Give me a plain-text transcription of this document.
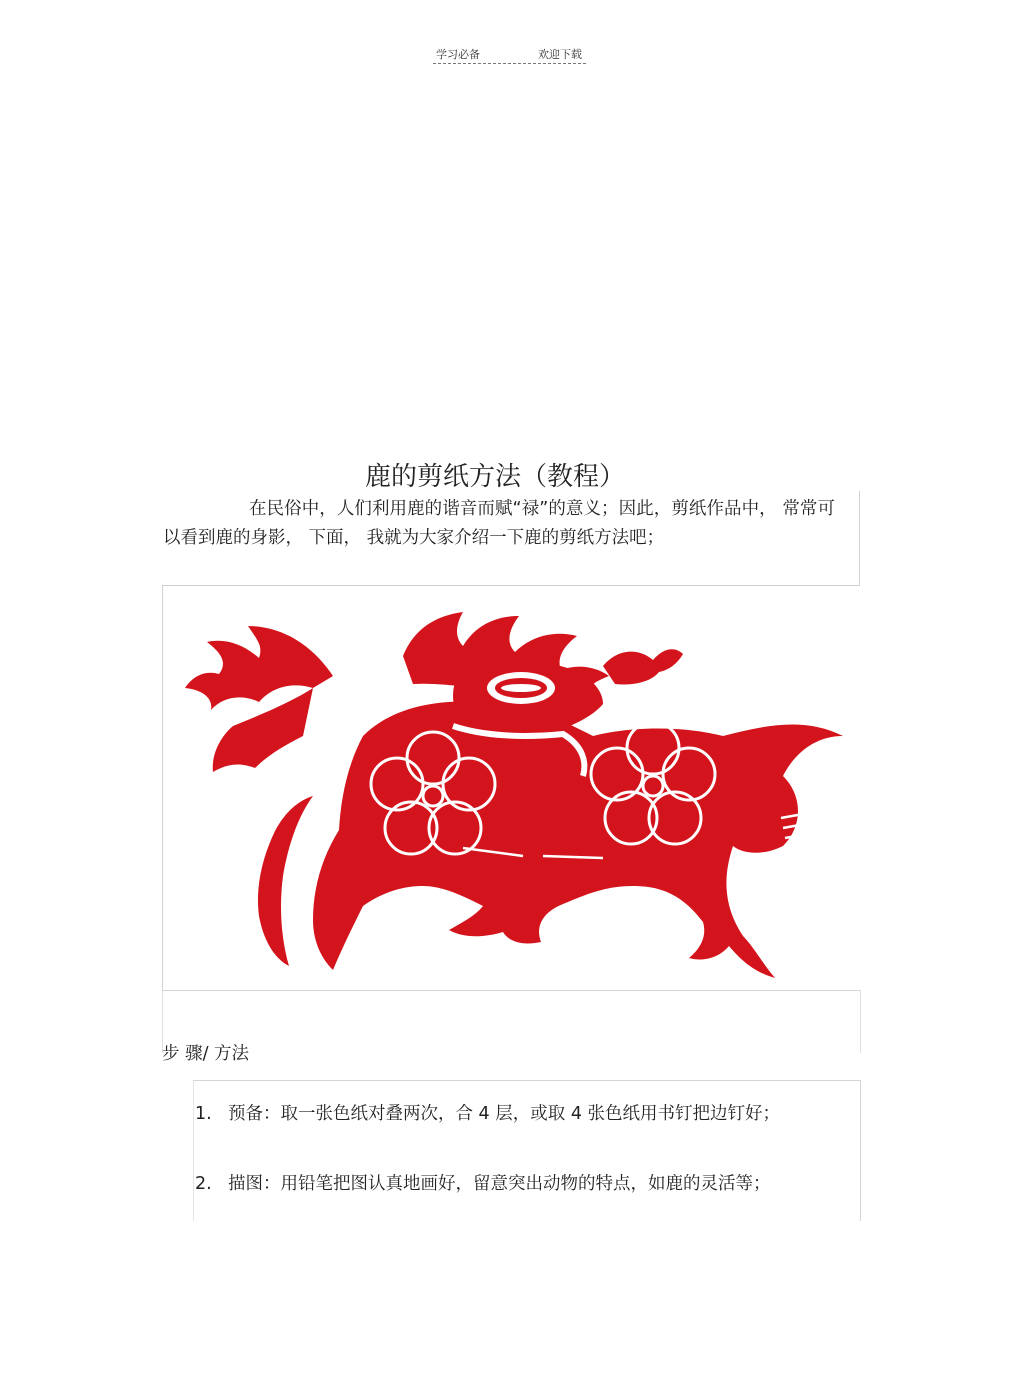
学习必备	欢迎下载
鹿的剪纸方法（教程）
在民俗中，人们利用鹿的谐音而赋“禄”的意义；因此，剪纸作品中， 常常可以看到鹿的身影， 下面， 我就为大家介绍一下鹿的剪纸方法吧；
步 骤/ 方法
1. 预备：取一张色纸对叠两次，合 4 层，或取 4 张色纸用书钉把边钉好；
2. 描图：用铅笔把图认真地画好，留意突出动物的特点，如鹿的灵活等；
